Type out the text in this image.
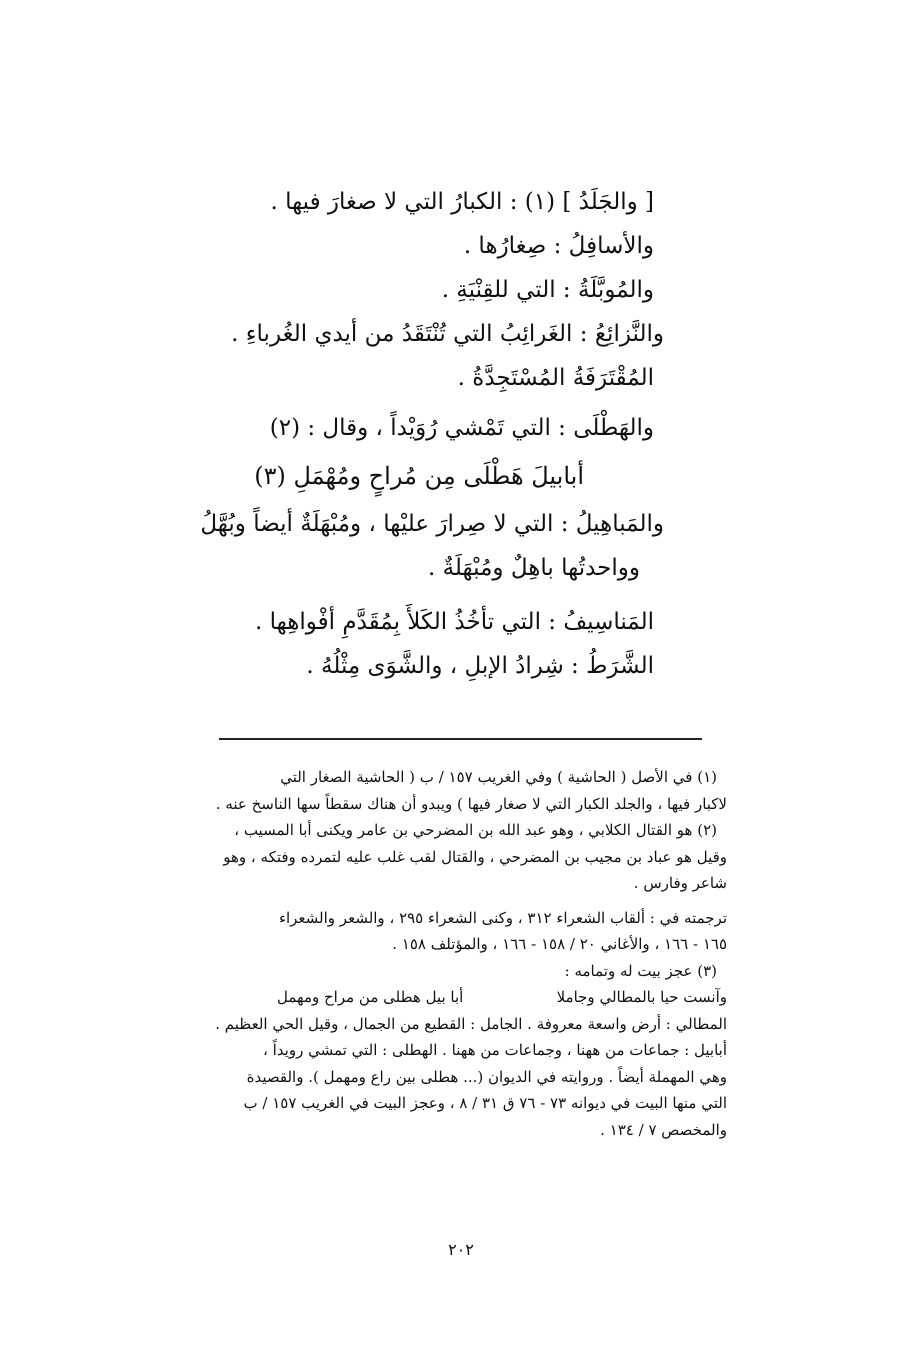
[ والجَلَدُ ] (١) : الكبارُ التي لا صغارَ فيها .
والأسافِلُ : صِغارُها .
والمُوبَّلَةُ : التي للقِنْيَةِ .
والنَّزائِعُ : الغَرائِبُ التي تُنْتَقَدُ من أيدي الغُرباءِ .
المُقْتَرَفَةُ المُسْتَجِدَّةُ .
والهَطْلَى : التي تَمْشي رُوَيْداً ، وقال : (٢)
أبابيلَ هَطْلَى مِن مُراحٍ ومُهْمَلِ (٣)
والمَباهِيلُ : التي لا صِرارَ عليْها ، ومُبْهَلَةٌ أيضاً وبُهَّلُ
وواحدتُها باهِلٌ ومُبْهَلَةٌ .
المَناسِيفُ : التي تأخُذُ الكَلأَ بِمُقَدَّمِ أفْواهِها .
الشَّرَطُ : شِرادُ الإبلِ ، والشَّوَى مِثْلُهُ .
(١) في الأصل ( الحاشية ) وفي الغريب ١٥٧ / ب ( الحاشية الصغار التي
لاكبار فيها ، والجلد الكبار التي لا صغار فيها ) ويبدو أن هناك سقطاً سها الناسخ عنه .
(٢) هو القتال الكلابي ، وهو عبد الله بن المضرحي بن عامر ويكنى أبا المسيب ،
وقيل هو عباد بن مجيب بن المضرحي ، والقتال لقب غلب عليه لتمرده وفتكه ، وهو
شاعر وفارس .
ترجمته في : ألقاب الشعراء ٣١٢ ، وكنى الشعراء ٢٩٥ ، والشعر والشعراء
١٦٥ - ١٦٦ ، والأغاني ٢٠ / ١٥٨ - ١٦٦ ، والمؤتلف ١٥٨ .
(٣) عجز بيت له وتمامه :
وآنست حيا بالمطالي وجاملا
أبا بيل هطلى من مراح ومهمل
المطالي : أرض واسعة معروفة . الجامل : القطيع من الجمال ، وقيل الحي العظيم .
أبابيل : جماعات من ههنا ، وجماعات من ههنا . الهطلى : التي تمشي رويداً ،
وهي المهملة أيضاً . وروايته في الديوان (... هطلى بين راع ومهمل ). والقصيدة
التي منها البيت في ديوانه ٧٣ - ٧٦ ق ٣١ / ٨ ، وعجز البيت في الغريب ١٥٧ / ب
والمخصص ٧ / ١٣٤ .
٢٠٢
